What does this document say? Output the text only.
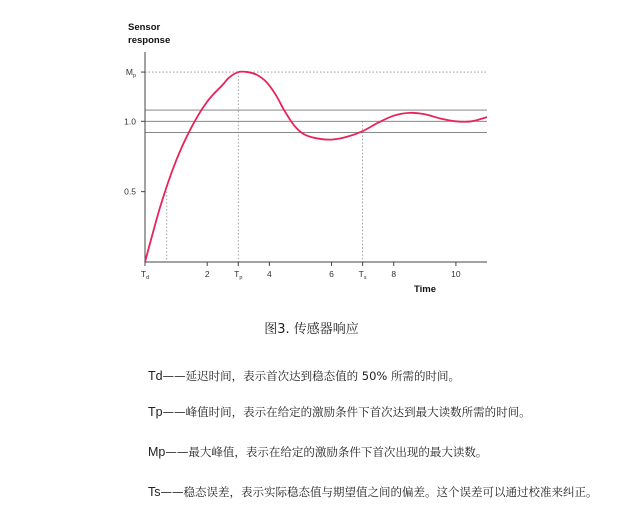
$T_d$	2	$T_p$	4	6	$T_s$	8	10
0.5
1.0
$M_p$
Sensor
response
Time
图3. 传感器响应
Td——延迟时间，表示首次达到稳态值的 50% 所需的时间。
Tp——峰值时间，表示在给定的激励条件下首次达到最大读数所需的时间。
Mp——最大峰值，表示在给定的激励条件下首次出现的最大读数。
Ts——稳态误差，表示实际稳态值与期望值之间的偏差。这个误差可以通过校准来纠正。
